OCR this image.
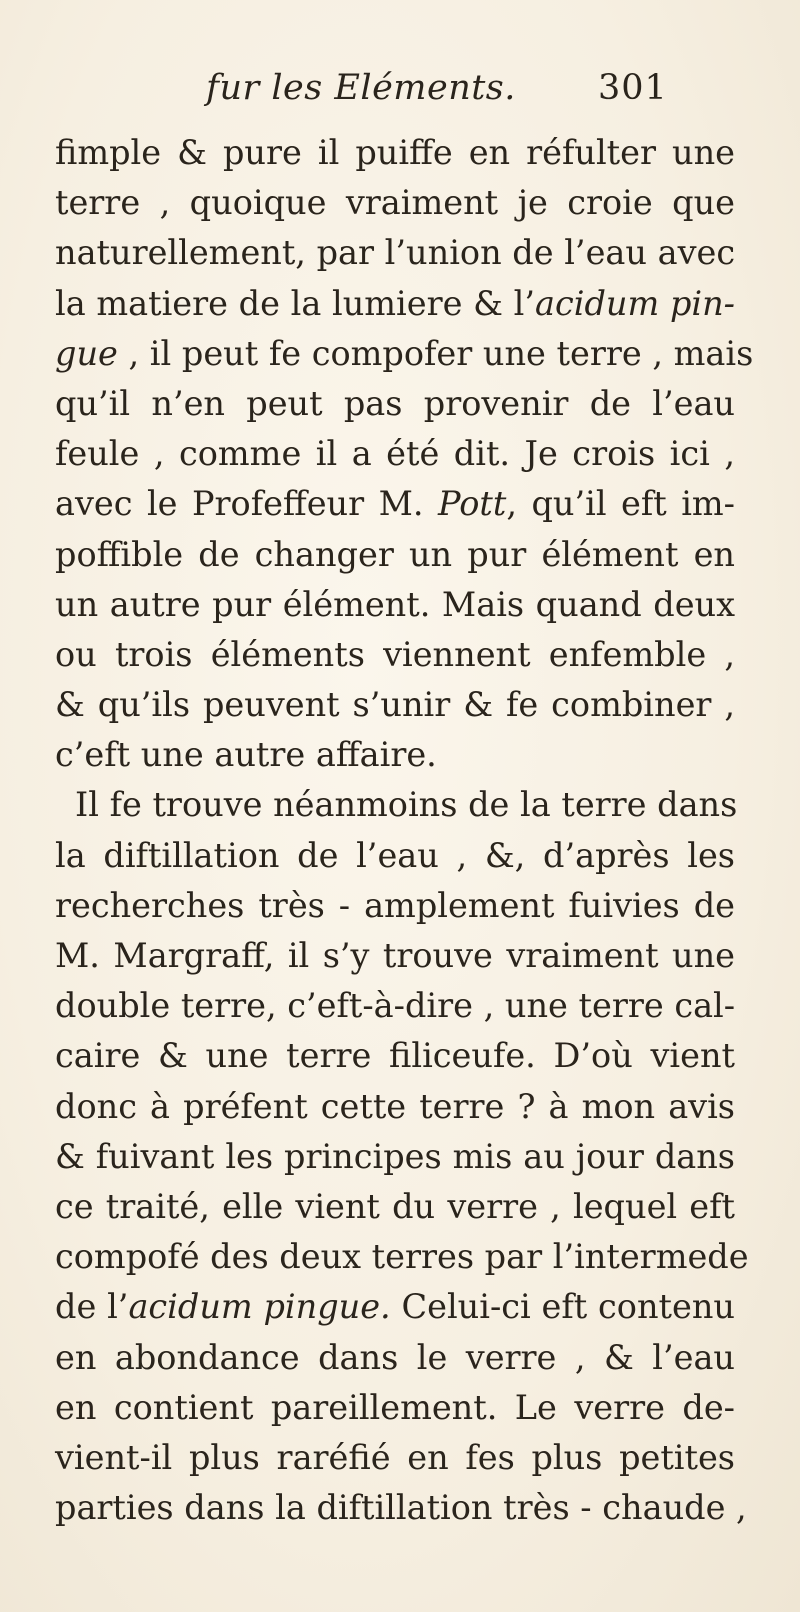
fur les Eléments. 301
fimple & pure il puiffe en réfulter une
terre , quoique vraiment je croie que
naturellement, par l’union de l’eau avec
la matiere de la lumiere & l’acidum pin-
gue , il peut fe compofer une terre , mais
qu’il n’en peut pas provenir de l’eau
feule , comme il a été dit. Je crois ici ,
avec le Profeffeur M. Pott, qu’il eft im-
poffible de changer un pur élément en
un autre pur élément. Mais quand deux
ou trois éléments viennent enfemble ,
& qu’ils peuvent s’unir & fe combiner ,
c’eft une autre affaire.
Il fe trouve néanmoins de la terre dans
la diftillation de l’eau , &, d’après les
recherches très - amplement fuivies de
M. Margraff, il s’y trouve vraiment une
double terre, c’eft-à-dire , une terre cal-
caire & une terre filiceufe. D’où vient
donc à préfent cette terre ? à mon avis
& fuivant les principes mis au jour dans
ce traité, elle vient du verre , lequel eft
compofé des deux terres par l’intermede
de l’acidum pingue. Celui-ci eft contenu
en abondance dans le verre , & l’eau
en contient pareillement. Le verre de-
vient-il plus raréfié en fes plus petites
parties dans la diftillation très - chaude ,
